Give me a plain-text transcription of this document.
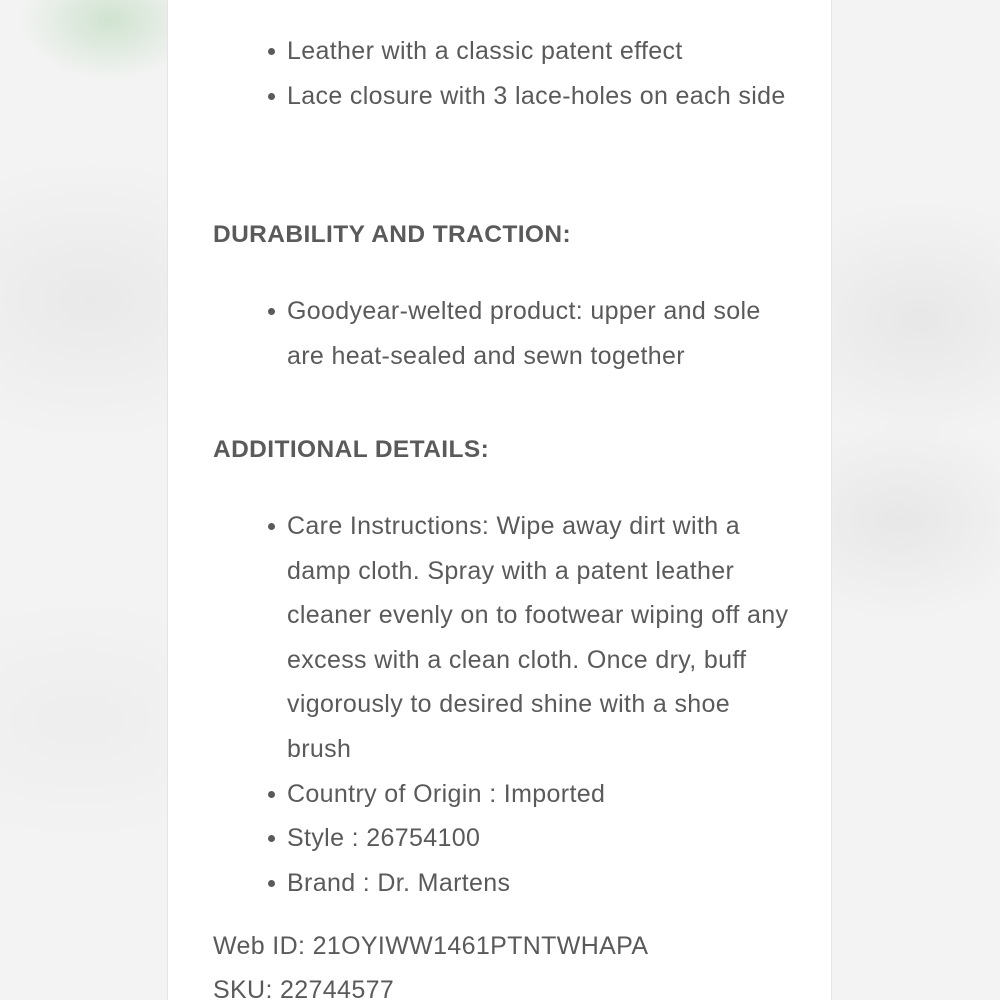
Leather with a classic patent effect
Lace closure with 3 lace-holes on each side
DURABILITY AND TRACTION:
Goodyear-welted product: upper and sole are heat-sealed and sewn together
ADDITIONAL DETAILS:
Care Instructions: Wipe away dirt with a damp cloth. Spray with a patent leather cleaner evenly on to footwear wiping off any excess with a clean cloth. Once dry, buff vigorously to desired shine with a shoe brush
Country of Origin : Imported
Style : 26754100
Brand : Dr. Martens
Web ID: 21OYIWW1461PTNTWHAPA
SKU: 22744577
